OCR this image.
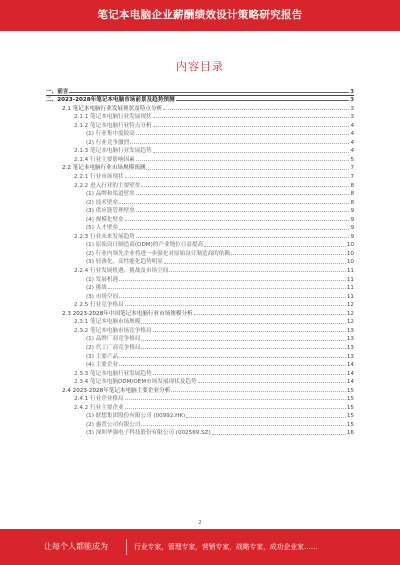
笔记本电脑企业薪酬绩效设计策略研究报告
内容目录
一、前言	3
二、2023-2028年笔记本电脑市场前景及趋势预测	3
2.1 笔记本电脑行业发展现状及特点分析	3
2.1.1 笔记本电脑行业发展现状	3
2.1.2 笔记本电脑行业特点分析	4
(1) 行业集中度较高	4
(2) 行业竞争激烈	4
2.1.3 笔记本电脑行业发展趋势	4
2.1.4 行业主要影响因素	5
2.2 笔记本电脑行业市场规模预测	7
2.2.1 行业市场现状	7
2.2.2 进入行业的主要壁垒	8
(1) 品牌和渠道壁垒	8
(2) 技术壁垒	8
(3) 供应链管理壁垒	9
(4) 规模化壁垒	9
(5) 人才壁垒	9
2.2.3 行业未来发展趋势	9
(1) 原始设计制造商(ODM)的产业地位日益提高	10
(2) 行业内领先企业将进一步强化对原始设计制造商的依赖	10
(3) 轻薄化、高性能化趋势明显	10
2.2.4 行业发展机遇、挑战及市场空间	11
(1) 发展机遇	11
(2) 挑战	11
(3) 市场空间	11
2.2.5 行业竞争格局	12
2.3 2023-2028年中国笔记本电脑行业市场规模分析	12
2.3.1 笔记本电脑市场规模	12
2.3.2 笔记本电脑市场竞争格局	13
(1) 品牌厂商竞争格局	13
(2) 代工厂商竞争格局	13
(3) 主要产品	13
(4) 主要企业	14
2.3.3 笔记本电脑行业发展趋势	14
2.3.4 笔记本电脑ODM/OEM市场发展现状及趋势	14
2.4 2023-2028年笔记本电脑主要企业分析	15
2.4.1 行业企业格局	15
2.4.2 行业主要企业	15
(1) 联想集团股份有限公司 (00992.HK)	15
(2) 惠普公司有限公司	15
(3) 深圳华强电子科技股份有限公司 (002569.SZ)	16
2
让每个人都能成为	行业专家，管理专家，营销专家，战略专家，成功企业家……
